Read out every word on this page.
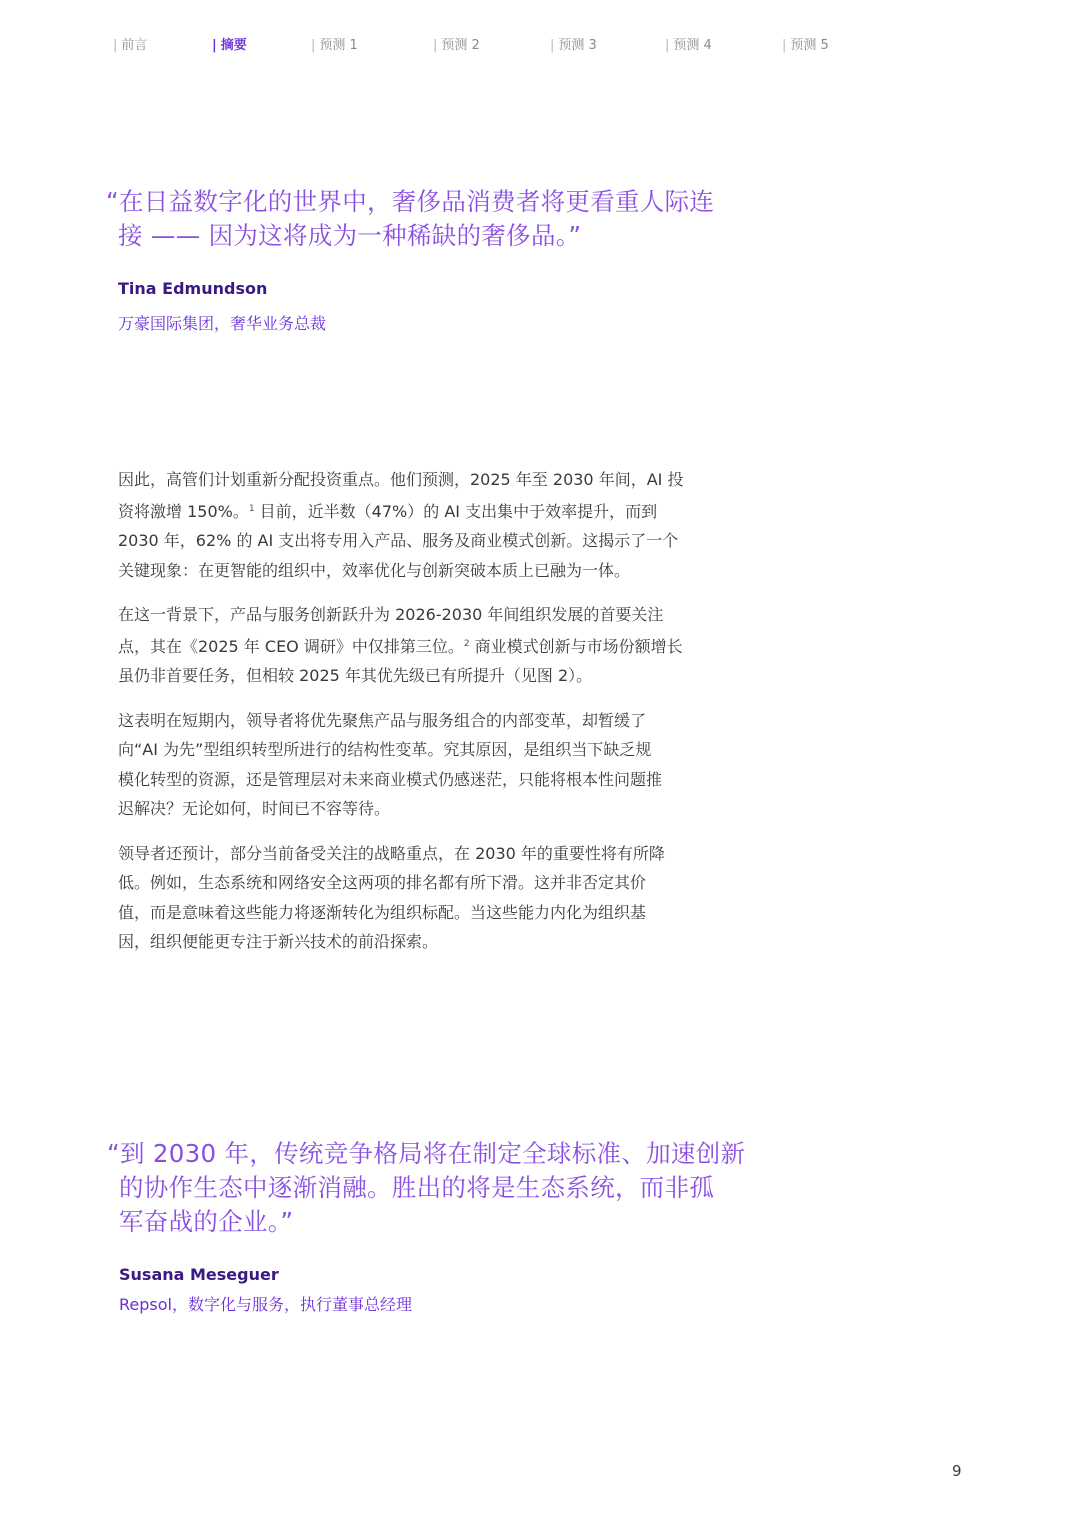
| 前言	| 摘要	| 预测 1	| 预测 2	| 预测 3	| 预测 4	| 预测 5
“在日益数字化的世界中，奢侈品消费者将更看重人际连
接 —— 因为这将成为一种稀缺的奢侈品。”
Tina Edmundson
万豪国际集团，奢华业务总裁

因此，高管们计划重新分配投资重点。他们预测，2025 年至 2030 年间，AI 投
资将激增 150%。$^1$ 目前，近半数（47%）的 AI 支出集中于效率提升，而到
2030 年，62% 的 AI 支出将专用入产品、服务及商业模式创新。这揭示了一个
关键现象：在更智能的组织中，效率优化与创新突破本质上已融为一体。

在这一背景下，产品与服务创新跃升为 2026-2030 年间组织发展的首要关注
点，其在《2025 年 CEO 调研》中仅排第三位。$^2$ 商业模式创新与市场份额增长
虽仍非首要任务，但相较 2025 年其优先级已有所提升（见图 2）。

这表明在短期内，领导者将优先聚焦产品与服务组合的内部变革，却暂缓了
向“AI 为先”型组织转型所进行的结构性变革。究其原因，是组织当下缺乏规
模化转型的资源，还是管理层对未来商业模式仍感迷茫，只能将根本性问题推
迟解决？无论如何，时间已不容等待。

领导者还预计，部分当前备受关注的战略重点，在 2030 年的重要性将有所降
低。例如，生态系统和网络安全这两项的排名都有所下滑。这并非否定其价
值，而是意味着这些能力将逐渐转化为组织标配。当这些能力内化为组织基
因，组织便能更专注于新兴技术的前沿探索。

“到 2030 年，传统竞争格局将在制定全球标准、加速创新
的协作生态中逐渐消融。胜出的将是生态系统，而非孤
军奋战的企业。”
Susana Meseguer
Repsol，数字化与服务，执行董事总经理
9
